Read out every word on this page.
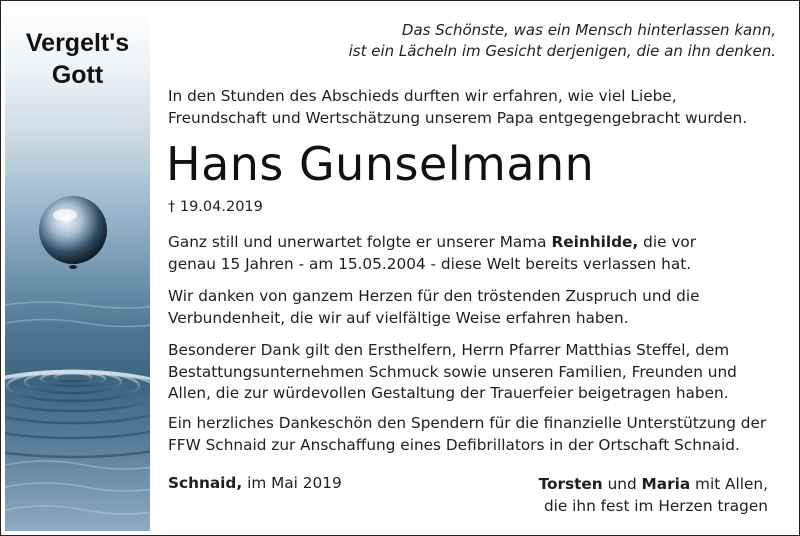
Vergelt's
Gott
Das Schönste, was ein Mensch hinterlassen kann,
ist ein Lächeln im Gesicht derjenigen, die an ihn denken.
In den Stunden des Abschieds durften wir erfahren, wie viel Liebe,
Freundschaft und Wertschätzung unserem Papa entgegengebracht wurden.
Hans Gunselmann
† 19.04.2019
Ganz still und unerwartet folgte er unserer Mama Reinhilde, die vor
genau 15 Jahren - am 15.05.2004 - diese Welt bereits verlassen hat.
Wir danken von ganzem Herzen für den tröstenden Zuspruch und die
Verbundenheit, die wir auf vielfältige Weise erfahren haben.
Besonderer Dank gilt den Ersthelfern, Herrn Pfarrer Matthias Steffel, dem
Bestattungsunternehmen Schmuck sowie unseren Familien, Freunden und
Allen, die zur würdevollen Gestaltung der Trauerfeier beigetragen haben.
Ein herzliches Dankeschön den Spendern für die finanzielle Unterstützung der
FFW Schnaid zur Anschaffung eines Defibrillators in der Ortschaft Schnaid.
Schnaid, im Mai 2019	Torsten und Maria mit Allen,
die ihn fest im Herzen tragen
